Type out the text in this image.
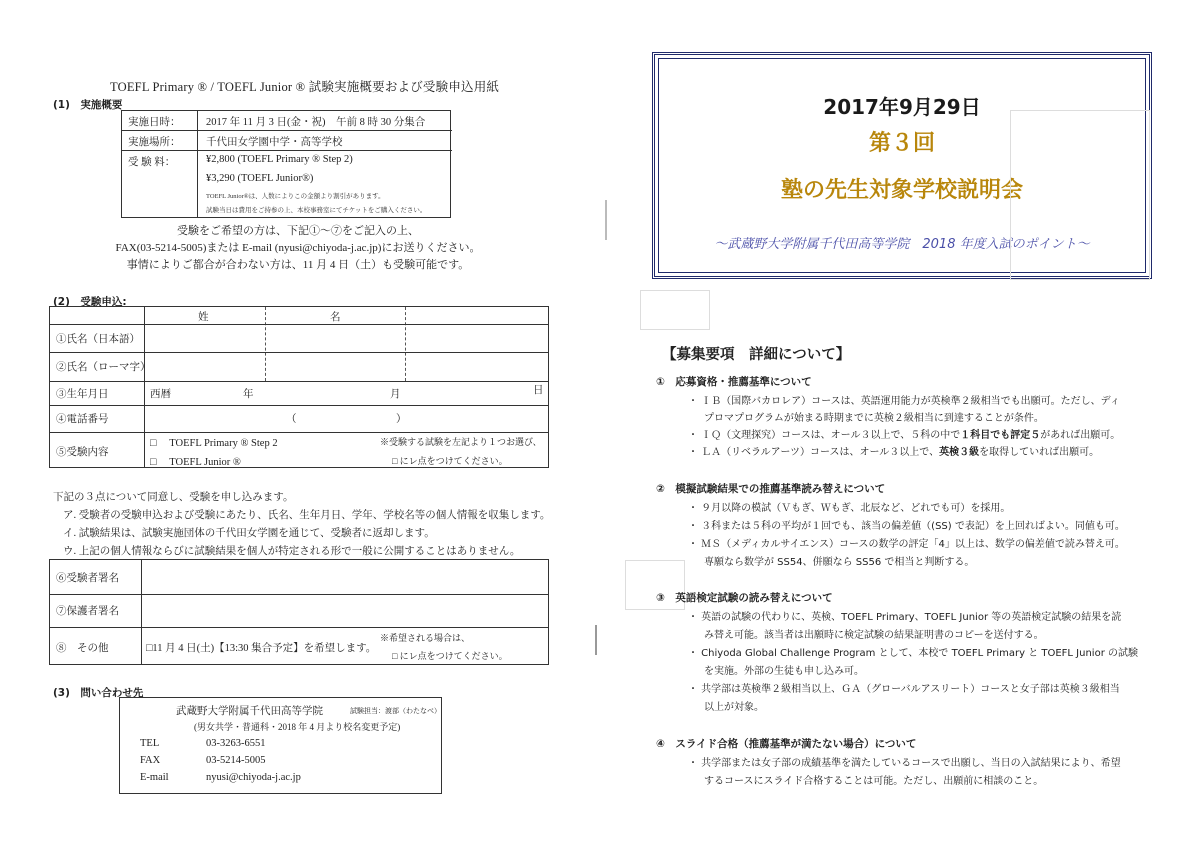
TOEFL Primary ® / TOEFL Junior ® 試験実施概要および受験申込用紙
(1)　実施概要
実施日時：	2017 年 11 月 3 日(金・祝)　午前 8 時 30 分集合
実施場所：	千代田女学園中学・高等学校
受 験 料：	¥2,800 (TOEFL Primary ® Step 2)
¥3,290 (TOEFL Junior®)
TOEFL Junior®は、人数によりこの金額より割引があります。
試験当日は費用をご持参の上、本校事務室にてチケットをご購入ください。
受験をご希望の方は、下記①～⑦をご記入の上、
FAX(03-5214-5005)または E-mail (nyusi@chiyoda-j.ac.jp)にお送りください。
事情によりご都合が合わない方は、11 月 4 日（土）も受験可能です。
(2)　受験申込:
姓	名
①氏名（日本語）
②氏名（ローマ字）
③生年月日	西暦	年	月	日
④電話番号	（	）
⑤受験内容
□　 TOEFL Primary ® Step 2
□　 TOEFL Junior ®
※受験する試験を左記より１つお選び、
□ にレ点をつけてください。
下記の３点について同意し、受験を申し込みます。
ア. 受験者の受験申込および受験にあたり、氏名、生年月日、学年、学校名等の個人情報を収集します。
イ. 試験結果は、試験実施団体の千代田女学園を通じて、受験者に返却します。
ウ. 上記の個人情報ならびに試験結果を個人が特定される形で一般に公開することはありません。
⑥受験者署名
⑦保護者署名
⑧　その他	□11 月 4 日(土)【13:30 集合予定】を希望します。
※希望される場合は、
□ にレ点をつけてください。
(3)　問い合わせ先
武蔵野大学附属千代田高等学院	試験担当：渡部（わたなべ）
(男女共学・普通科・2018 年 4 月より校名変更予定)
TEL	03-3263-6551
FAX	03-5214-5005
E-mail	nyusi@chiyoda-j.ac.jp
2017年9月29日
第３回
塾の先生対象学校説明会
～武蔵野大学附属千代田高等学院　2018 年度入試のポイント～
【募集要項　詳細について】
①　応募資格・推薦基準について
・ ＩＢ（国際バカロレア）コースは、英語運用能力が英検準２級相当でも出願可。ただし、ディ
プロマプログラムが始まる時期までに英検２級相当に到達することが条件。
・ ＩＱ（文理探究）コースは、オール３以上で、５科の中で１科目でも評定５があれば出願可。
・ ＬＡ（リベラルアーツ）コースは、オール３以上で、英検３級を取得していれば出願可。
②　模擬試験結果での推薦基準読み替えについて
・ ９月以降の模試（Ｖもぎ、Ｗもぎ、北辰など、どれでも可）を採用。
・ ３科または５科の平均が１回でも、該当の偏差値（(SS) で表記）を上回ればよい。同値も可。
・ ＭＳ（メディカルサイエンス）コースの数学の評定「4」以上は、数学の偏差値で読み替え可。
専願なら数学が SS54、併願なら SS56 で相当と判断する。
③　英語検定試験の読み替えについて
・ 英語の試験の代わりに、英検、TOEFL Primary、TOEFL Junior 等の英語検定試験の結果を読
み替え可能。該当者は出願時に検定試験の結果証明書のコピーを送付する。
・ Chiyoda Global Challenge Program として、本校で TOEFL Primary と TOEFL Junior の試験
を実施。外部の生徒も申し込み可。
・ 共学部は英検準２級相当以上、ＧＡ（グローバルアスリート）コースと女子部は英検３級相当
以上が対象。
④　スライド合格（推薦基準が満たない場合）について
・ 共学部または女子部の成績基準を満たしているコースで出願し、当日の入試結果により、希望
するコースにスライド合格することは可能。ただし、出願前に相談のこと。
